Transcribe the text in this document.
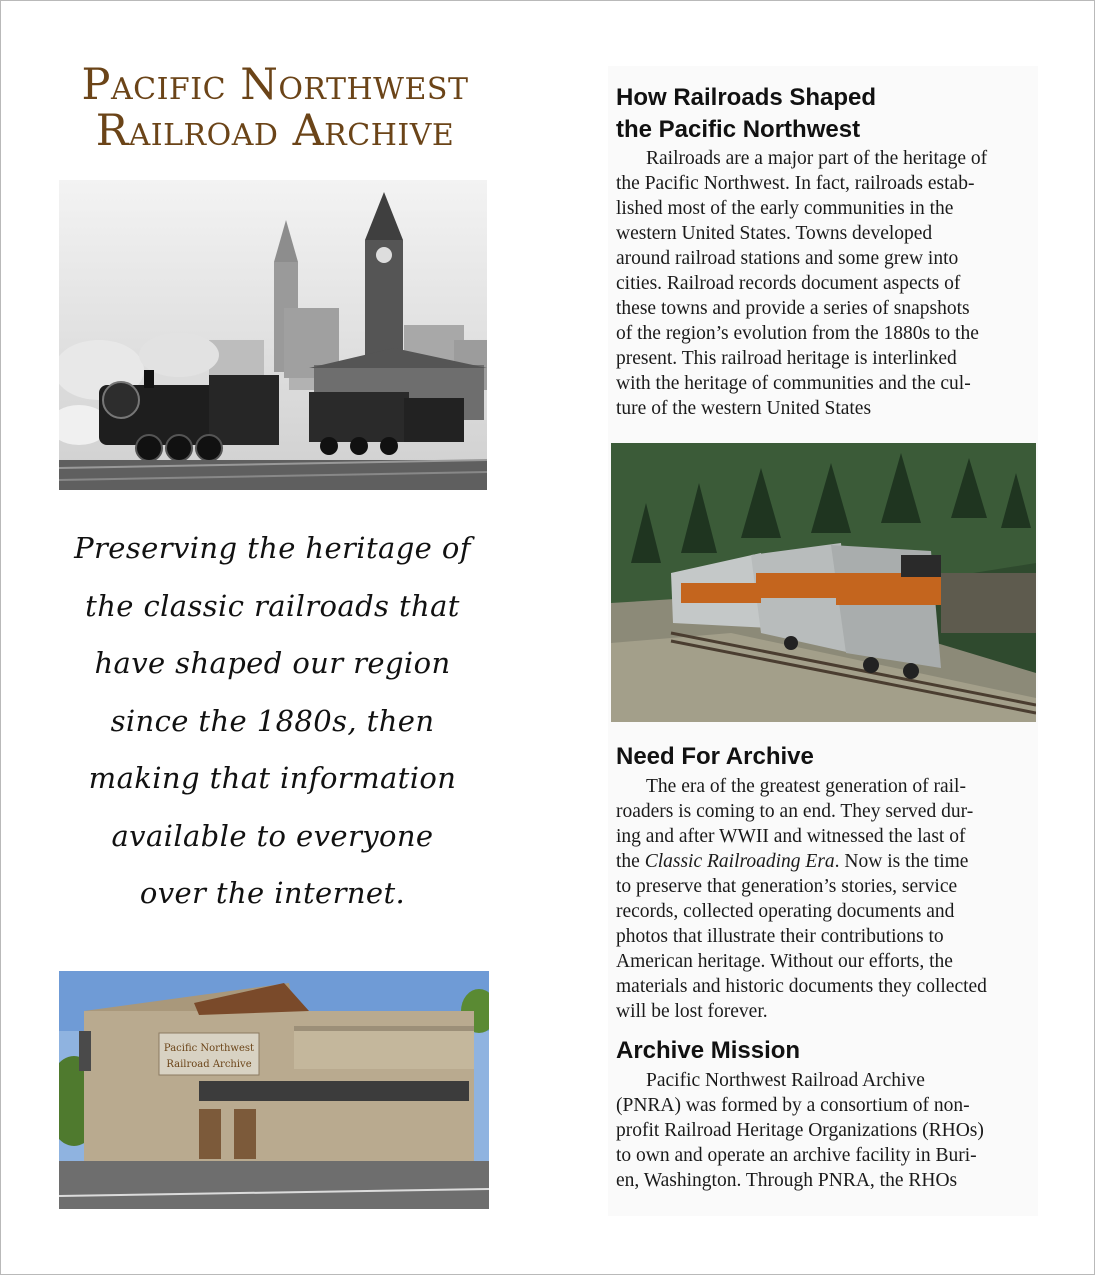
Pacific Northwest
Railroad Archive
Preserving the heritage of
the classic railroads that
have shaped our region
since the 1880s, then
making that information
available to everyone
over the internet.
Pacific Northwest
Railroad Archive
How Railroads Shaped
the Pacific Northwest
Railroads are a major part of the heritage of
the Pacific Northwest. In fact, railroads estab-
lished most of the early communities in the
western United States. Towns developed
around railroad stations and some grew into
cities. Railroad records document aspects of
these towns and provide a series of snapshots
of the region’s evolution from the 1880s to the
present. This railroad heritage is interlinked
with the heritage of communities and the cul-
ture of the western United States
Need For Archive
The era of the greatest generation of rail-
roaders is coming to an end. They served dur-
ing and after WWII and witnessed the last of
the Classic Railroading Era. Now is the time
to preserve that generation’s stories, service
records, collected operating documents and
photos that illustrate their contributions to
American heritage. Without our efforts, the
materials and historic documents they collected
will be lost forever.
Archive Mission
Pacific Northwest Railroad Archive
(PNRA) was formed by a consortium of non-
profit Railroad Heritage Organizations (RHOs)
to own and operate an archive facility in Buri-
en, Washington. Through PNRA, the RHOs
